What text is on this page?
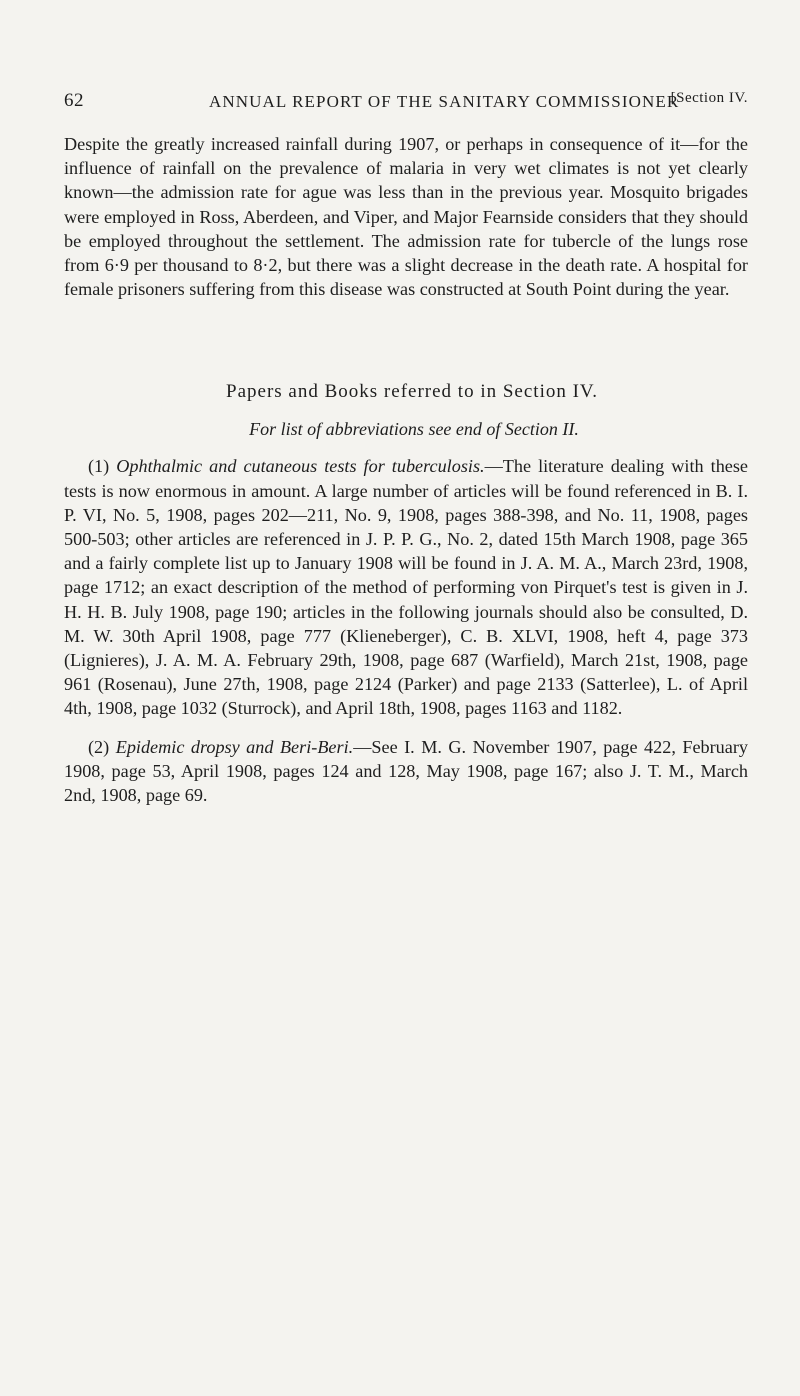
62	ANNUAL REPORT OF THE SANITARY COMMISSIONER
[Section IV.

Despite the greatly increased rainfall during 1907, or perhaps in consequence of it—for the influence of rainfall on the prevalence of malaria in very wet climates is not yet clearly known—the admission rate for ague was less than in the previous year. Mosquito brigades were employed in Ross, Aberdeen, and Viper, and Major Fearnside considers that they should be employed throughout the settlement. The admission rate for tubercle of the lungs rose from 6·9 per thousand to 8·2, but there was a slight decrease in the death rate. A hospital for female prisoners suffering from this disease was constructed at South Point during the year.

Papers and Books referred to in Section IV.
For list of abbreviations see end of Section II.

(1) Ophthalmic and cutaneous tests for tuberculosis.—The literature dealing with these tests is now enormous in amount. A large number of articles will be found referenced in B. I. P. VI, No. 5, 1908, pages 202—211, No. 9, 1908, pages 388-398, and No. 11, 1908, pages 500-503; other articles are referenced in J. P. P. G., No. 2, dated 15th March 1908, page 365 and a fairly complete list up to January 1908 will be found in J. A. M. A., March 23rd, 1908, page 1712; an exact description of the method of performing von Pirquet's test is given in J. H. H. B. July 1908, page 190; articles in the following journals should also be consulted, D. M. W. 30th April 1908, page 777 (Klieneberger), C. B. XLVI, 1908, heft 4, page 373 (Lignieres), J. A. M. A. February 29th, 1908, page 687 (Warfield), March 21st, 1908, page 961 (Rosenau), June 27th, 1908, page 2124 (Parker) and page 2133 (Satterlee), L. of April 4th, 1908, page 1032 (Sturrock), and April 18th, 1908, pages 1163 and 1182.

(2) Epidemic dropsy and Beri-Beri.—See I. M. G. November 1907, page 422, February 1908, page 53, April 1908, pages 124 and 128, May 1908, page 167; also J. T. M., March 2nd, 1908, page 69.
